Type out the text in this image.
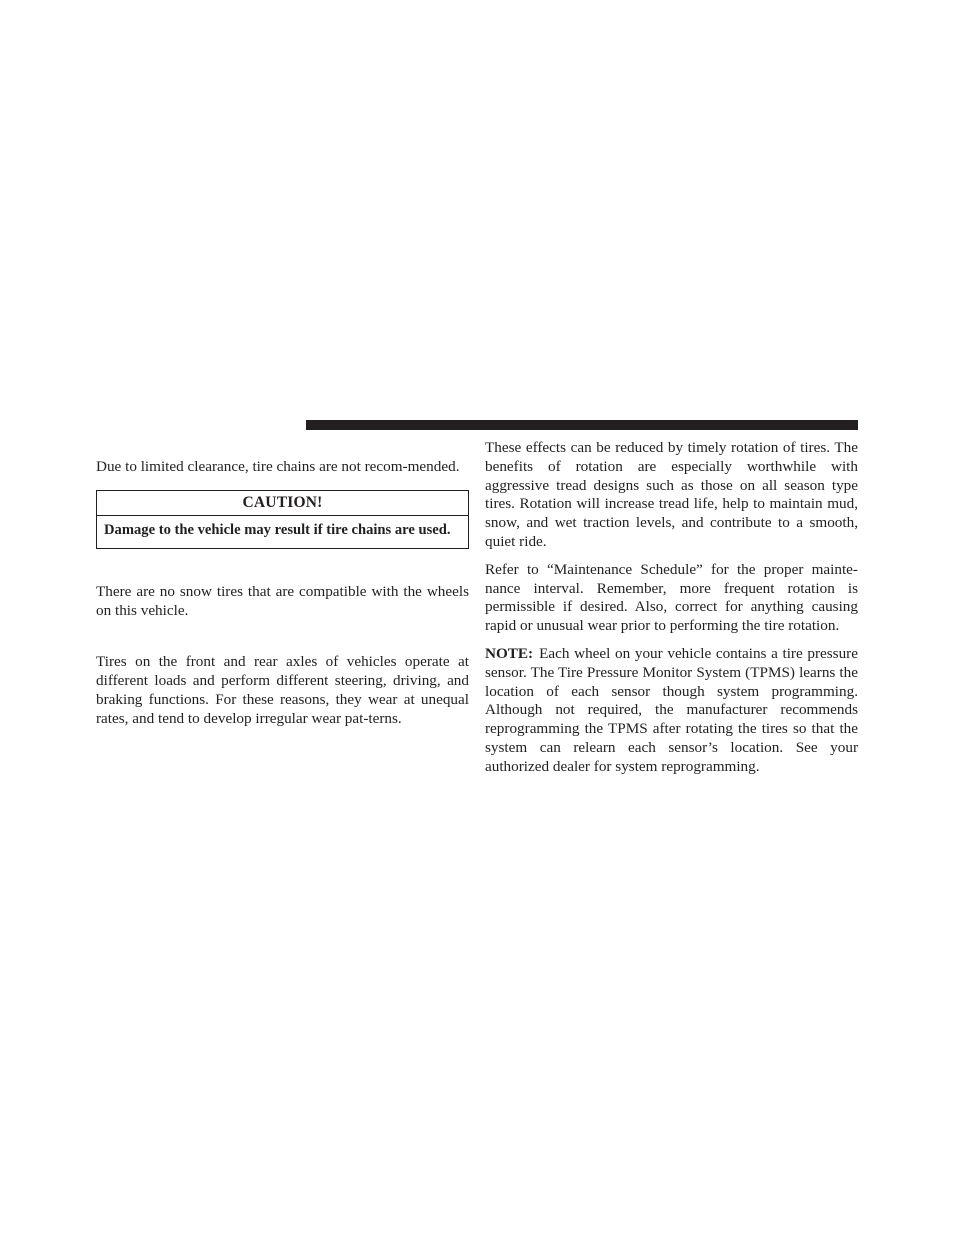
Due to limited clearance, tire chains are not recom-mended.

CAUTION!
Damage to the vehicle may result if tire chains are used.

There are no snow tires that are compatible with the wheels on this vehicle.

Tires on the front and rear axles of vehicles operate at different loads and perform different steering, driving, and braking functions. For these reasons, they wear at unequal rates, and tend to develop irregular wear pat-terns.

These effects can be reduced by timely rotation of tires. The benefits of rotation are especially worthwhile with aggressive tread designs such as those on all season type tires. Rotation will increase tread life, help to maintain mud, snow, and wet traction levels, and contribute to a smooth, quiet ride.

Refer to “Maintenance Schedule” for the proper mainte-nance interval. Remember, more frequent rotation is permissible if desired. Also, correct for anything causing rapid or unusual wear prior to performing the tire rotation.

NOTE: Each wheel on your vehicle contains a tire pressure sensor. The Tire Pressure Monitor System (TPMS) learns the location of each sensor though system programming. Although not required, the manufacturer recommends reprogramming the TPMS after rotating the tires so that the system can relearn each sensor’s location. See your authorized dealer for system reprogramming.
